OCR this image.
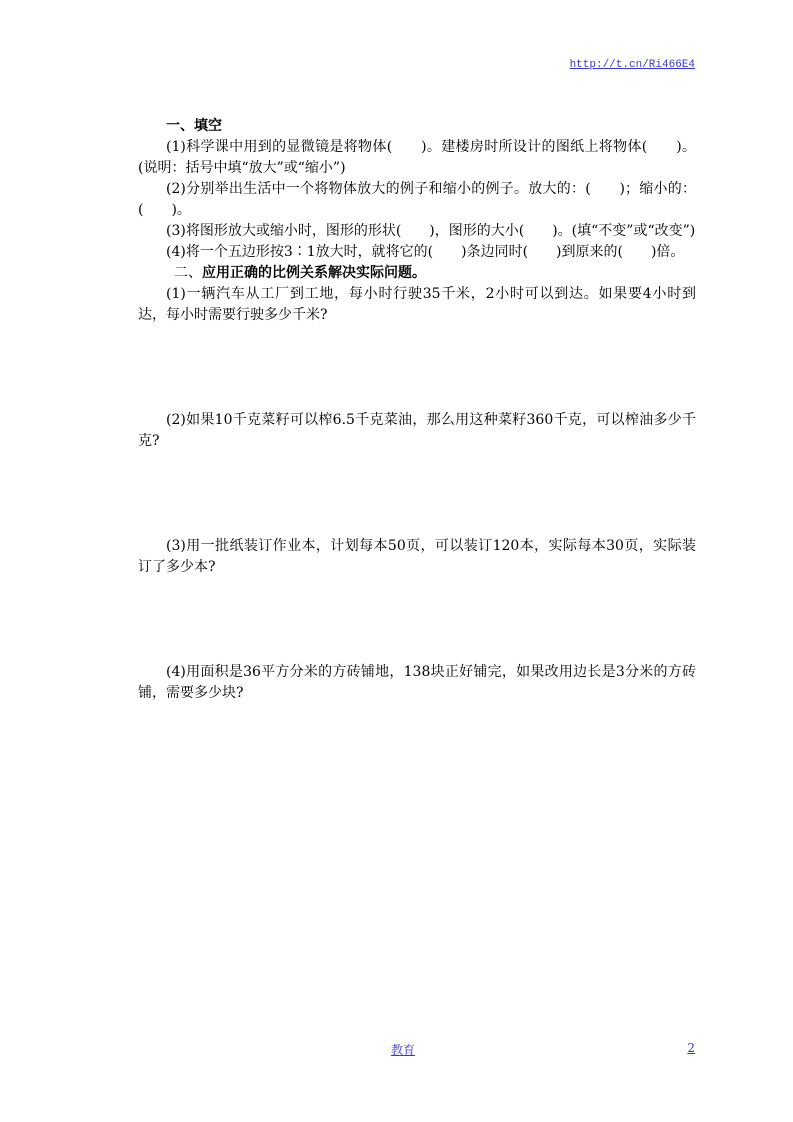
http://t.cn/Ri466E4

一、填空

(1)科学课中用到的显微镜是将物体(　　)。建楼房时所设计的图纸上将物体(　　)。(说明：括号中填“放大”或“缩小”)

(2)分别举出生活中一个将物体放大的例子和缩小的例子。放大的：(　　)；缩小的：(　　)。

(3)将图形放大或缩小时，图形的形状(　　)，图形的大小(　　)。(填“不变”或“改变”)

(4)将一个五边形按3∶1放大时，就将它的(　　)条边同时(　　)到原来的(　　)倍。

二、应用正确的比例关系解决实际问题。

(1)一辆汽车从工厂到工地，每小时行驶35千米，2小时可以到达。如果要4小时到达，每小时需要行驶多少千米?

(2)如果10千克菜籽可以榨6.5千克菜油，那么用这种菜籽360千克，可以榨油多少千克?

(3)用一批纸装订作业本，计划每本50页，可以装订120本，实际每本30页，实际装订了多少本?

(4)用面积是36平方分米的方砖铺地，138块正好铺完，如果改用边长是3分米的方砖铺，需要多少块?

教育	2
